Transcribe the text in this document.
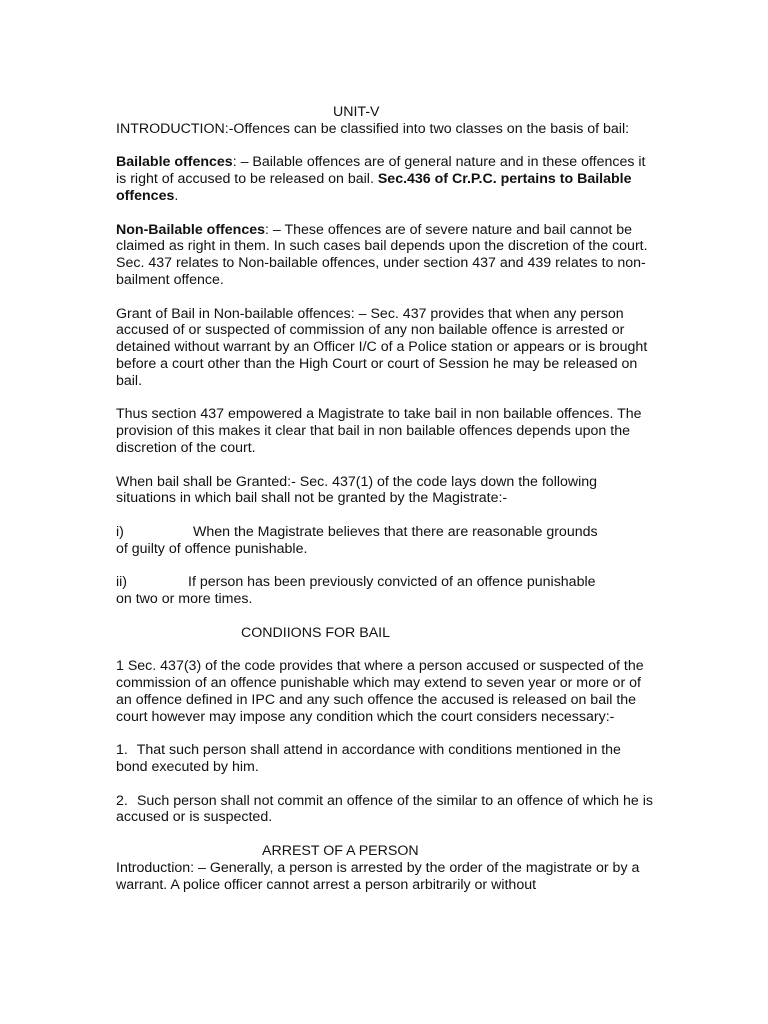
UNIT-V

INTRODUCTION:-Offences can be classified into two classes on the basis of bail:

Bailable offences: – Bailable offences are of general nature and in these offences it is right of accused to be released on bail. Sec.436 of Cr.P.C. pertains to Bailable offences.

Non-Bailable offences: – These offences are of severe nature and bail cannot be claimed as right in them. In such cases bail depends upon the discretion of the court. Sec. 437 relates to Non-bailable offences, under section 437 and 439 relates to non-bailment offence.

Grant of Bail in Non-bailable offences: – Sec. 437 provides that when any person accused of or suspected of commission of any non bailable offence is arrested or detained without warrant by an Officer I/C of a Police station or appears or is brought before a court other than the High Court or court of Session he may be released on bail.

Thus section 437 empowered a Magistrate to take bail in non bailable offences. The provision of this makes it clear that bail in non bailable offences depends upon the discretion of the court.

When bail shall be Granted:- Sec. 437(1) of the code lays down the following situations in which bail shall not be granted by the Magistrate:-

i)	When the Magistrate believes that there are reasonable grounds
of guilty of offence punishable.

ii)	If person has been previously convicted of an offence punishable
on two or more times.

CONDIIONS FOR BAIL

1 Sec. 437(3) of the code provides that where a person accused or suspected of the commission of an offence punishable which may extend to seven year or more or of an offence defined in IPC and any such offence the accused is released on bail the court however may impose any condition which the court considers necessary:-

1. That such person shall attend in accordance with conditions mentioned in the bond executed by him.

2. Such person shall not commit an offence of the similar to an offence of which he is accused or is suspected.

ARREST OF A PERSON

Introduction: – Generally, a person is arrested by the order of the magistrate or by a warrant. A police officer cannot arrest a person arbitrarily or without
